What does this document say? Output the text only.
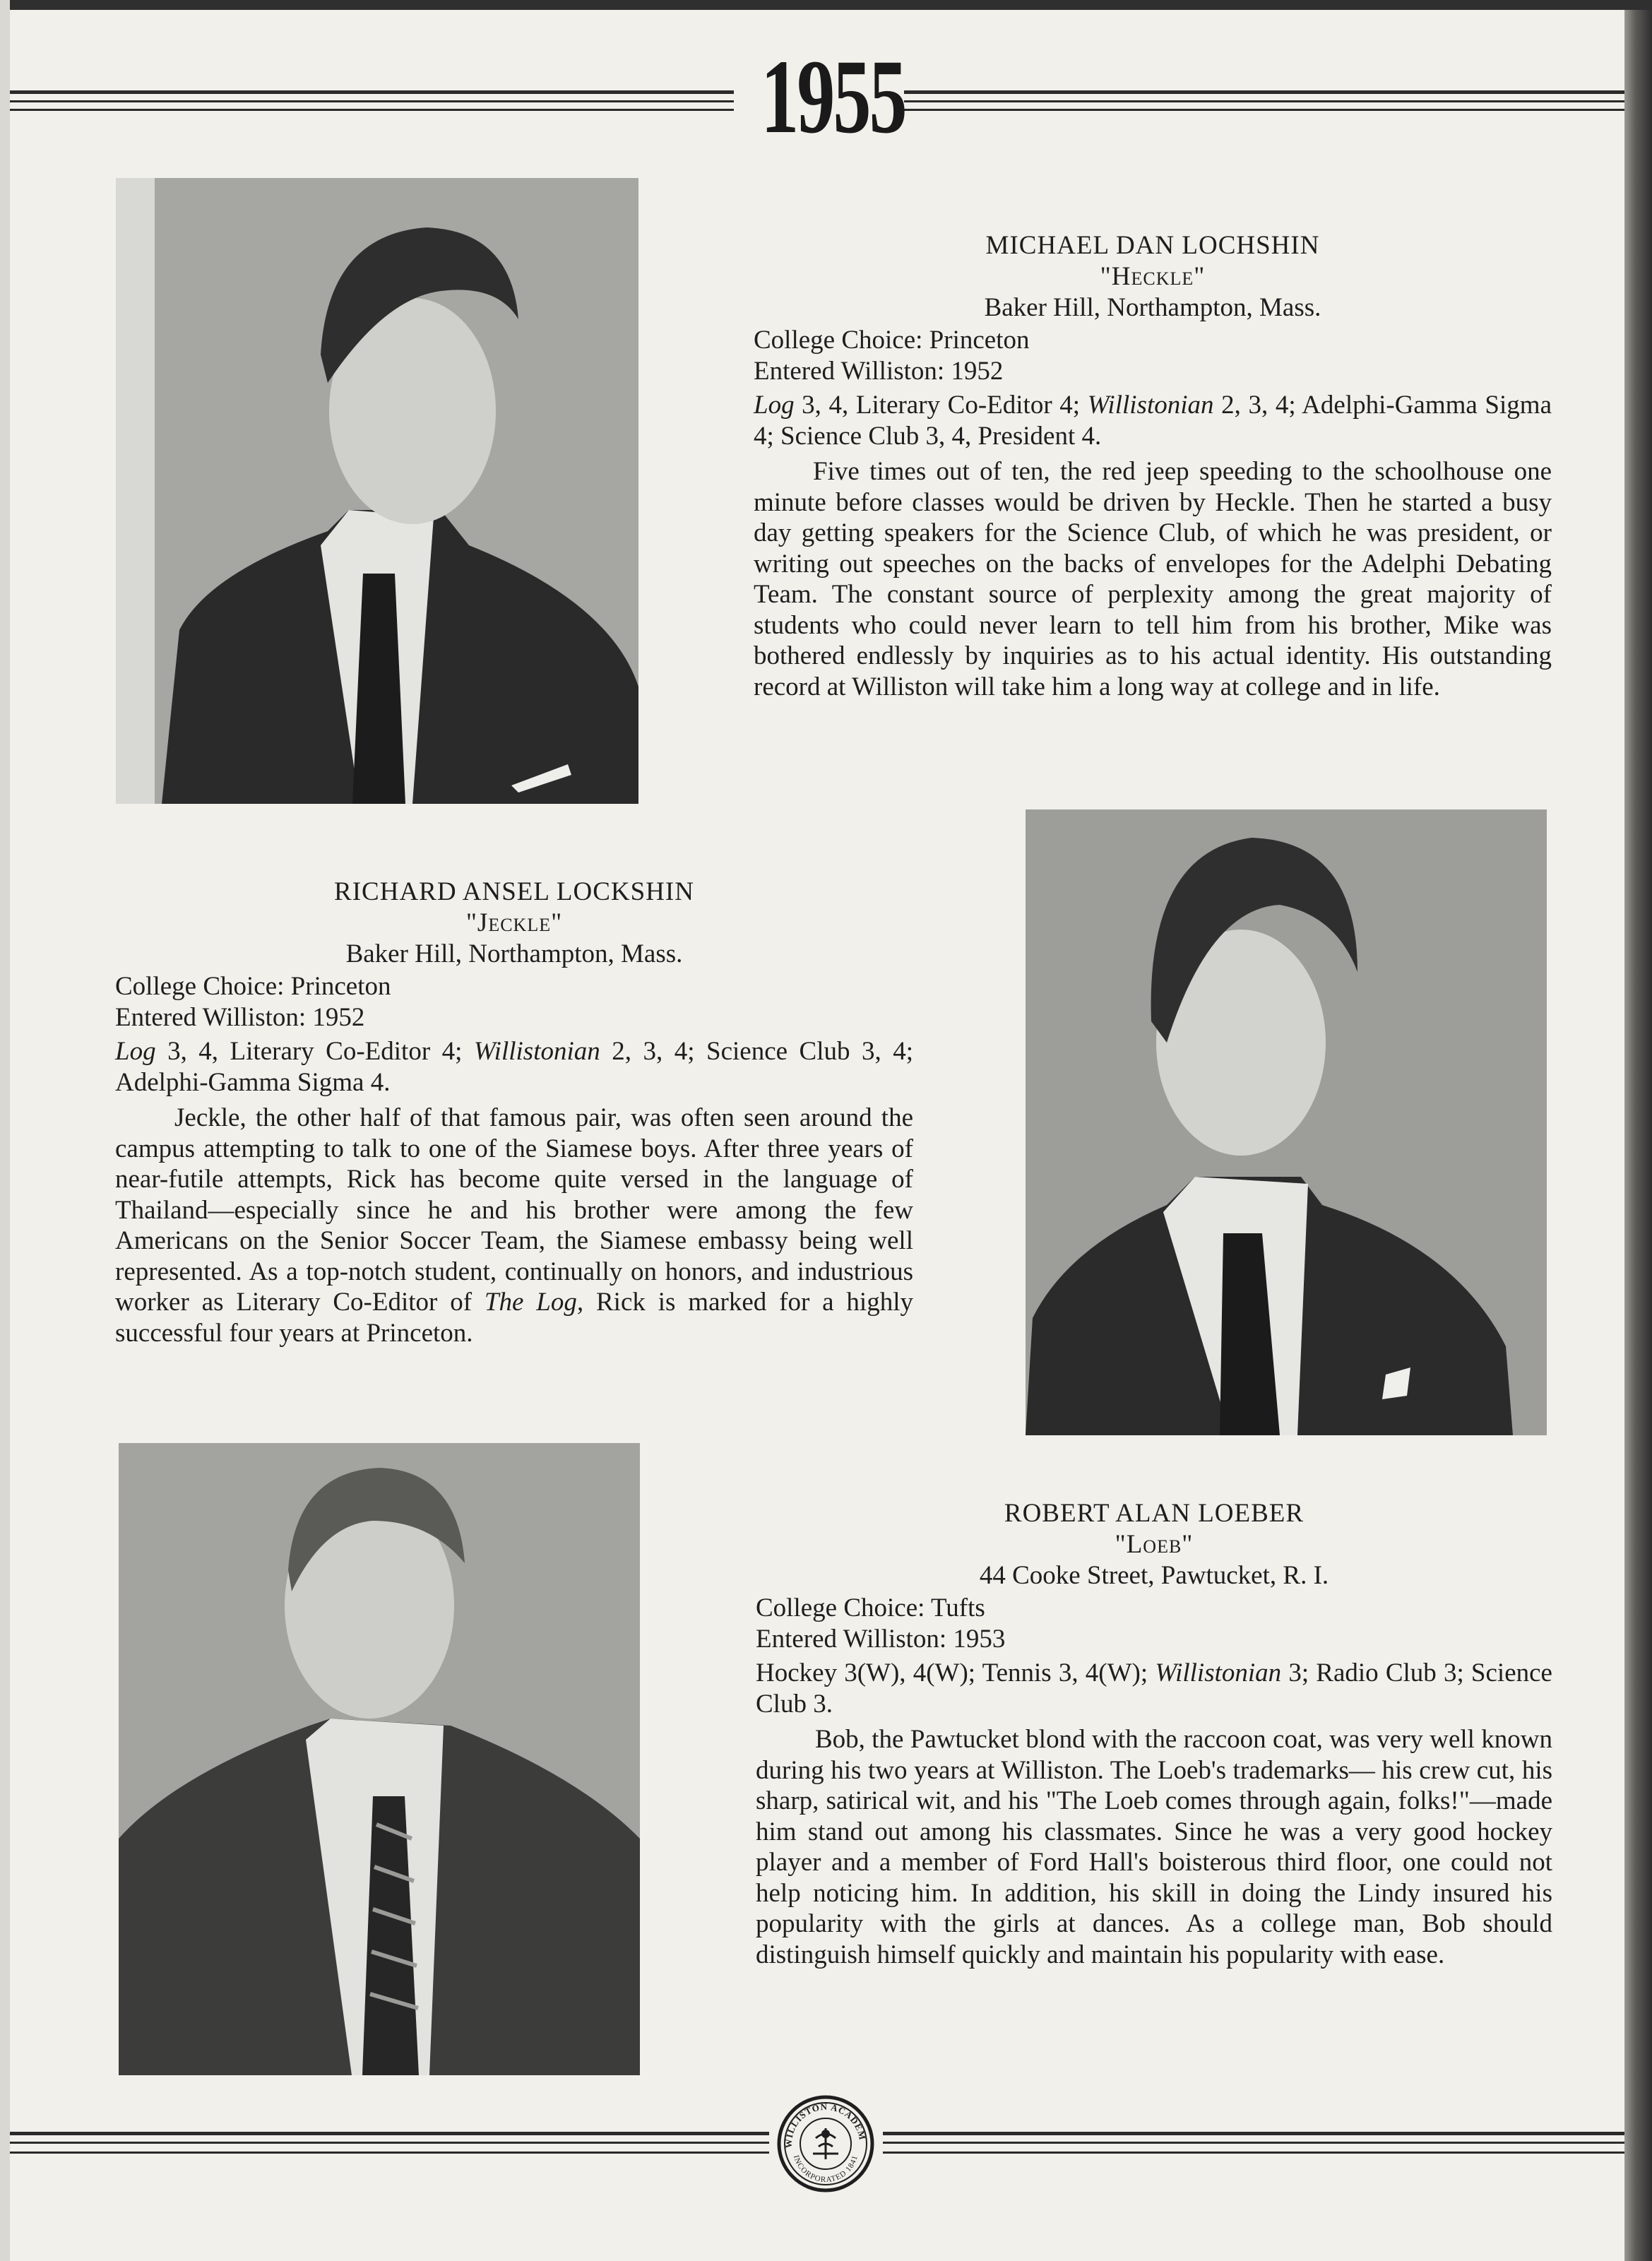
1955
MICHAEL DAN LOCHSHIN
"Heckle"
Baker Hill, Northampton, Mass.
College Choice: Princeton
Entered Williston: 1952
Log 3, 4, Literary Co-Editor 4; Willistonian 2, 3, 4; Adelphi-Gamma Sigma 4; Science Club 3, 4, President 4.
Five times out of ten, the red jeep speeding to the schoolhouse one minute before classes would be driven by Heckle. Then he started a busy day getting speakers for the Science Club, of which he was president, or writing out speeches on the backs of envelopes for the Adelphi Debating Team. The constant source of perplexity among the great majority of students who could never learn to tell him from his brother, Mike was bothered endlessly by inquiries as to his actual identity. His outstanding record at Williston will take him a long way at college and in life.
RICHARD ANSEL LOCKSHIN
"Jeckle"
Baker Hill, Northampton, Mass.
College Choice: Princeton
Entered Williston: 1952
Log 3, 4, Literary Co-Editor 4; Willistonian 2, 3, 4; Science Club 3, 4; Adelphi-Gamma Sigma 4.
Jeckle, the other half of that famous pair, was often seen around the campus attempting to talk to one of the Siamese boys. After three years of near-futile attempts, Rick has become quite versed in the language of Thailand—especially since he and his brother were among the few Americans on the Senior Soccer Team, the Siamese embassy being well represented. As a top-notch student, continually on honors, and industrious worker as Literary Co-Editor of The Log, Rick is marked for a highly successful four years at Princeton.
ROBERT ALAN LOEBER
"Loeb"
44 Cooke Street, Pawtucket, R. I.
College Choice: Tufts
Entered Williston: 1953
Hockey 3(W), 4(W); Tennis 3, 4(W); Willistonian 3; Radio Club 3; Science Club 3.
Bob, the Pawtucket blond with the raccoon coat, was very well known during his two years at Williston. The Loeb's trademarks— his crew cut, his sharp, satirical wit, and his "The Loeb comes through again, folks!"—made him stand out among his classmates. Since he was a very good hockey player and a member of Ford Hall's boisterous third floor, one could not help noticing him. In addition, his skill in doing the Lindy insured his popularity with the girls at dances. As a college man, Bob should distinguish himself quickly and maintain his popularity with ease.
WILLISTON ACADEM
INCORPORATED 1841
